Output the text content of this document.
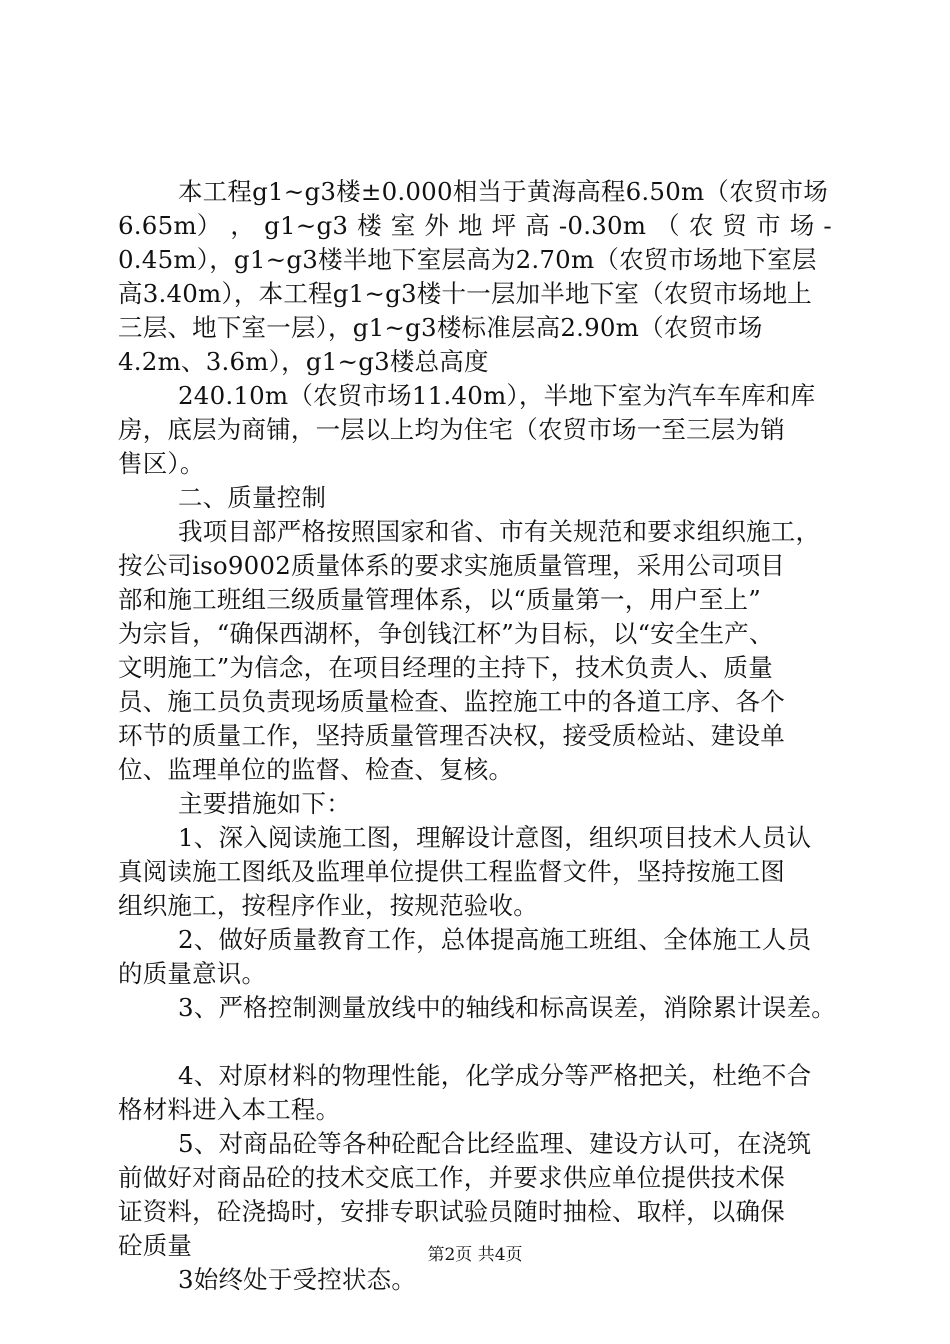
本工程g1~g3楼±0.000相当于黄海高程6.50m（农贸市场
6.65m） ， g1~g3 楼 室 外 地 坪 高 -0.30m （ 农 贸 市 场 -
0.45m），g1~g3楼半地下室层高为2.70m（农贸市场地下室层
高3.40m），本工程g1~g3楼十一层加半地下室（农贸市场地上
三层、地下室一层），g1~g3楼标准层高2.90m（农贸市场
4.2m、3.6m），g1~g3楼总高度
240.10m（农贸市场11.40m），半地下室为汽车车库和库
房，底层为商铺，一层以上均为住宅（农贸市场一至三层为销
售区）。
二、质量控制
我项目部严格按照国家和省、市有关规范和要求组织施工，
按公司iso9002质量体系的要求实施质量管理，采用公司项目
部和施工班组三级质量管理体系，以“质量第一，用户至上”
为宗旨，“确保西湖杯，争创钱江杯”为目标，以“安全生产、
文明施工”为信念，在项目经理的主持下，技术负责人、质量
员、施工员负责现场质量检查、监控施工中的各道工序、各个
环节的质量工作，坚持质量管理否决权，接受质检站、建设单
位、监理单位的监督、检查、复核。
主要措施如下：
1、深入阅读施工图，理解设计意图，组织项目技术人员认
真阅读施工图纸及监理单位提供工程监督文件，坚持按施工图
组织施工，按程序作业，按规范验收。
2、做好质量教育工作，总体提高施工班组、全体施工人员
的质量意识。
3、严格控制测量放线中的轴线和标高误差，消除累计误差。
4、对原材料的物理性能，化学成分等严格把关，杜绝不合
格材料进入本工程。
5、对商品砼等各种砼配合比经监理、建设方认可，在浇筑
前做好对商品砼的技术交底工作，并要求供应单位提供技术保
证资料，砼浇捣时，安排专职试验员随时抽检、取样，以确保
砼质量
3始终处于受控状态。
第2页 共4页
